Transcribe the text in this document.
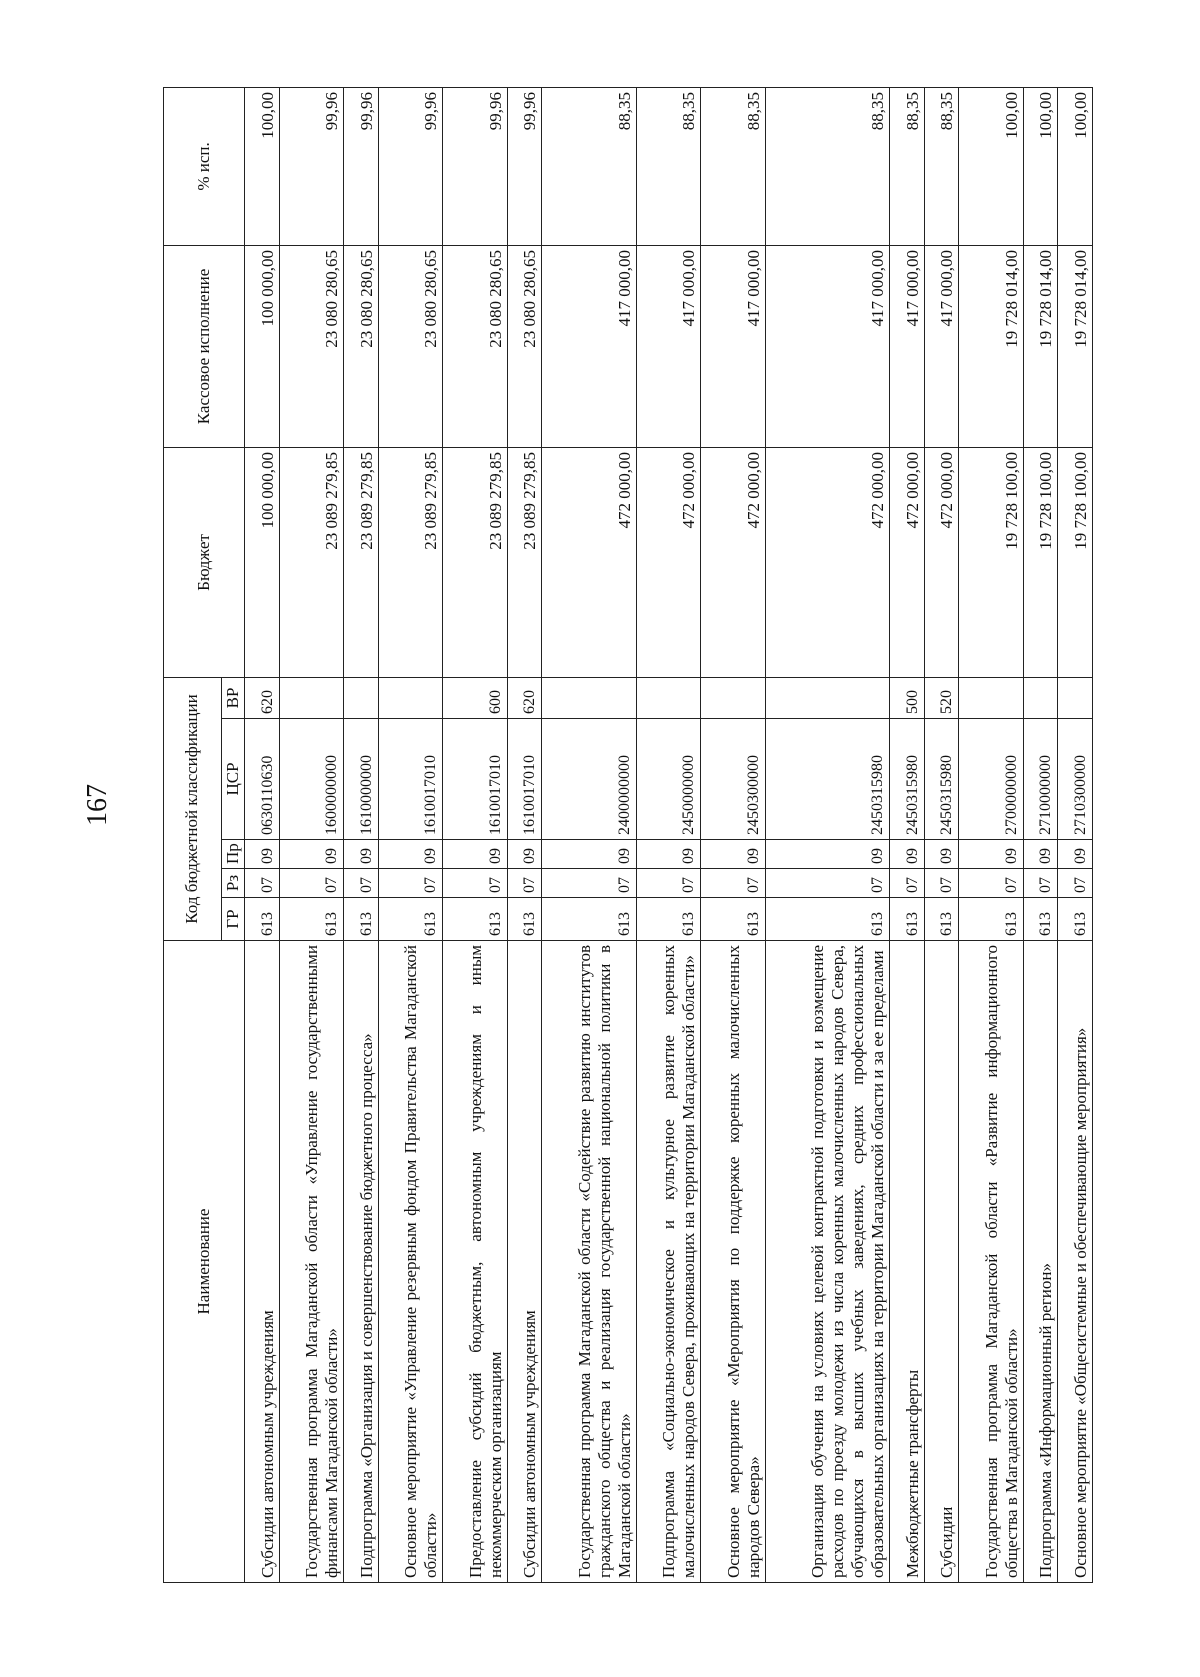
167
Наименование	Код бюджетной классификации					Бюджет	Кассовое исполнение	% исп.
	ГР	Рз	Пр	ЦСР	ВР			
Субсидии автономным учреждениям	613	07	09	0630110630	620	100 000,00	100 000,00	100,00
Государственная программа Магаданской области «Управление государственными финансами Магаданской области»	613	07	09	1600000000		23 089 279,85	23 080 280,65	99,96
Подпрограмма «Организация и совершенствование бюджетного процесса»	613	07	09	1610000000		23 089 279,85	23 080 280,65	99,96
Основное мероприятие «Управление резервным фондом Правительства Магаданской области»	613	07	09	1610017010		23 089 279,85	23 080 280,65	99,96
Предоставление субсидий бюджетным, автономным учреждениям и иным некоммерческим организациям	613	07	09	1610017010	600	23 089 279,85	23 080 280,65	99,96
Субсидии автономным учреждениям	613	07	09	1610017010	620	23 089 279,85	23 080 280,65	99,96
Государственная программа Магаданской области «Содействие развитию институтов гражданского общества и реализация государственной национальной политики в Магаданской области»	613	07	09	2400000000		472 000,00	417 000,00	88,35
Подпрограмма «Социально-экономическое и культурное развитие коренных малочисленных народов Севера, проживающих на территории Магаданской области»	613	07	09	2450000000		472 000,00	417 000,00	88,35
Основное мероприятие «Мероприятия по поддержке коренных малочисленных народов Севера»	613	07	09	2450300000		472 000,00	417 000,00	88,35
Организация обучения на условиях целевой контрактной подготовки и возмещение расходов по проезду молодежи из числа коренных малочисленных народов Севера, обучающихся в высших учебных заведениях, средних профессиональных образовательных организациях на территории Магаданской области и за ее пределами	613	07	09	2450315980		472 000,00	417 000,00	88,35
Межбюджетные трансферты	613	07	09	2450315980	500	472 000,00	417 000,00	88,35
Субсидии	613	07	09	2450315980	520	472 000,00	417 000,00	88,35
Государственная программа Магаданской области «Развитие информационного общества в Магаданской области»	613	07	09	2700000000		19 728 100,00	19 728 014,00	100,00
Подпрограмма «Информационный регион»	613	07	09	2710000000		19 728 100,00	19 728 014,00	100,00
Основное мероприятие «Общесистемные и обеспечивающие мероприятия»	613	07	09	2710300000		19 728 100,00	19 728 014,00	100,00
